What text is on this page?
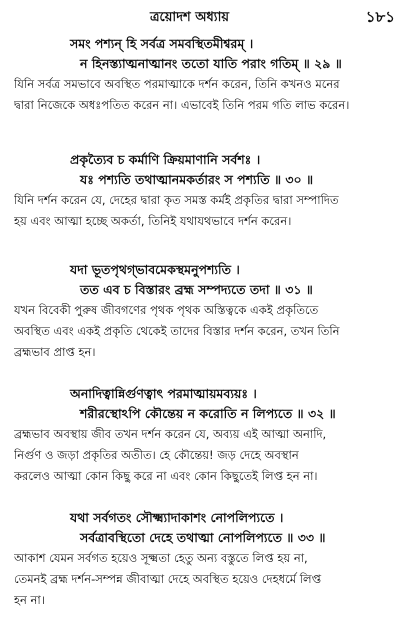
ত্রয়োদশ অধ্যায়	১৮১
সমং পশ্যন্ হি সর্বত্র সমবস্থিতমীশ্বরম্ ।
ন হিনস্ত্যাত্মনাত্মানং ততো যাতি পরাং গতিম্ ॥ ২৯ ॥
যিনি সর্বত্র সমভাবে অবস্থিত পরমাত্মাকে দর্শন করেন, তিনি কখনও মনের
দ্বারা নিজেকে অধঃপতিত করেন না। এভাবেই তিনি পরম গতি লাভ করেন।
প্রকৃত্যৈব চ কর্মাণি ক্রিয়মাণানি সর্বশঃ ।
যঃ পশ্যতি তথাত্মানমকর্তারং স পশ্যতি ॥ ৩০ ॥
যিনি দর্শন করেন যে, দেহের দ্বারা কৃত সমস্ত কর্মই প্রকৃতির দ্বারা সম্পাদিত
হয় এবং আত্মা হচ্ছে অকর্তা, তিনিই যথাযথভাবে দর্শন করেন।
যদা ভূতপৃথগ্‌ভাবমেকস্থমনুপশ্যতি ।
তত এব চ বিস্তারং ব্রহ্ম সম্পদ্যতে তদা ॥ ৩১ ॥
যখন বিবেকী পুরুষ জীবগণের পৃথক পৃথক অস্তিত্বকে একই প্রকৃতিতে
অবস্থিত এবং একই প্রকৃতি থেকেই তাদের বিস্তার দর্শন করেন, তখন তিনি
ব্রহ্মভাব প্রাপ্ত হন।
অনাদিত্বান্নির্গুণত্বাৎ পরমাত্মায়মব্যয়ঃ ।
শরীরস্থোঽপি কৌন্তেয় ন করোতি ন লিপ্যতে ॥ ৩২ ॥
ব্রহ্মভাব অবস্থায় জীব তখন দর্শন করেন যে, অব্যয় এই আত্মা অনাদি,
নির্গুণ ও জড়া প্রকৃতির অতীত। হে কৌন্তেয়! জড় দেহে অবস্থান
করলেও আত্মা কোন কিছু করে না এবং কোন কিছুতেই লিপ্ত হন না।
যথা সর্বগতং সৌক্ষ্ম্যাদাকাশং নোপলিপ্যতে ।
সর্বত্রাবস্থিতো দেহে তথাত্মা নোপলিপ্যতে ॥ ৩৩ ॥
আকাশ যেমন সর্বগত হয়েও সূক্ষ্মতা হেতু অন্য বস্তুতে লিপ্ত হয় না,
তেমনই ব্রহ্ম দর্শন-সম্পন্ন জীবাত্মা দেহে অবস্থিত হয়েও দেহধর্মে লিপ্ত
হন না।
